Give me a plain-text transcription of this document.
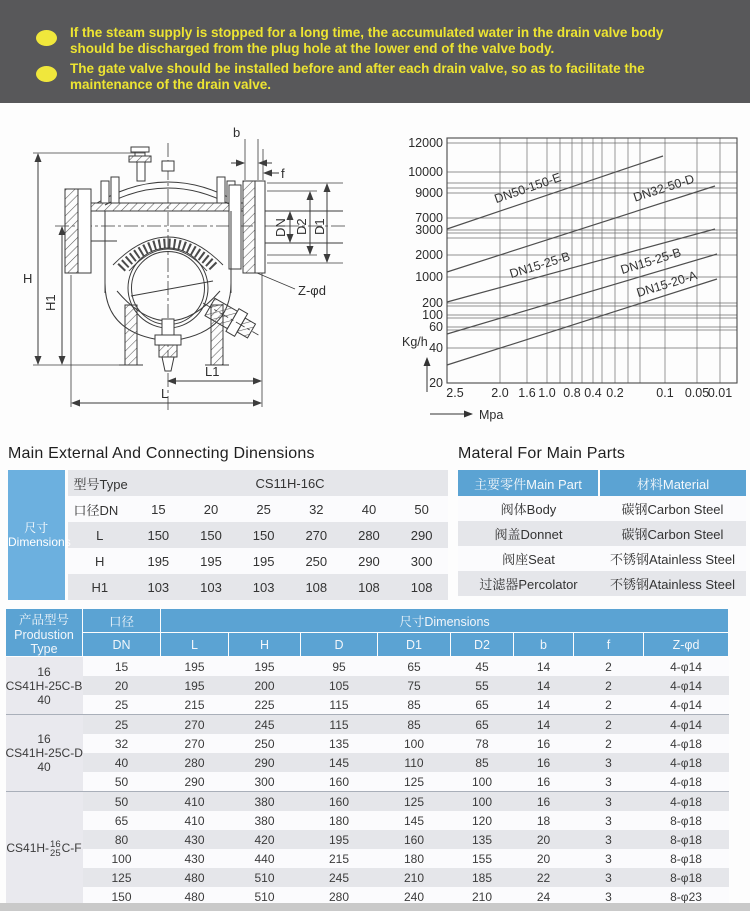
If the steam supply is stopped for a long time, the accumulated water in the drain valve body should be discharged from the plug hole at the lower end of the valve body.

The gate valve should be installed before and after each drain valve, so as to facilitate the maintenance of the drain valve.

H
H1
L1
L
b
f
DN D2 D1
Z-φd
DN50-150-E	DN32-50-D
DN15-25-B	DN15-25-B
DN15-20-A
12000
10000
9000
7000
3000
2000
1000
200
100
60
40
20
2.5 2.0 1.6 1.0 0.8 0.4 0.2	0.1 0.05
0.01
Kg/h
Mpa
Main External And Connecting Dinensions
尺寸
Dimensions	型号Type	CS11H-16C					
	口径DN	15	20	25	32	40	50
	L	150	150	150	270	280	290
	H	195	195	195	250	290	300
	H1	103	103	103	108	108	108
Materal For Main Parts
主要零件Main Part	材料Material
阀体Body	碳钢Carbon Steel
阀盖Donnet	碳钢Carbon Steel
阀座Seat	不锈钢Atainless Steel
过滤器Percolator	不锈钢Atainless Steel
产品型号
Produstion
Type	口径	尺寸Dimensions							
	DN	L	H	D	D1	D2	b	f	Z-φd

16
CS41H-25C-B
40	15	195	195	95	65	45	14	2	4-φ14
	20	195	200	105	75	55	14	2	4-φ14
	25	215	225	115	85	65	14	2	4-φ14

16
CS41H-25C-D
40	25	270	245	115	85	65	14	2	4-φ14
	32	270	250	135	100	78	16	2	4-φ18
	40	280	290	145	110	85	16	3	4-φ18
	50	290	300	160	125	100	16	3	4-φ18
CS41H- 16
25 C-F	50	410	380	160	125	100	16	3	4-φ18
	65	410	380	180	145	120	18	3	8-φ18
	80	430	420	195	160	135	20	3	8-φ18
	100	430	440	215	180	155	20	3	8-φ18
	125	480	510	245	210	185	22	3	8-φ18
	150	480	510	280	240	210	24	3	8-φ23
